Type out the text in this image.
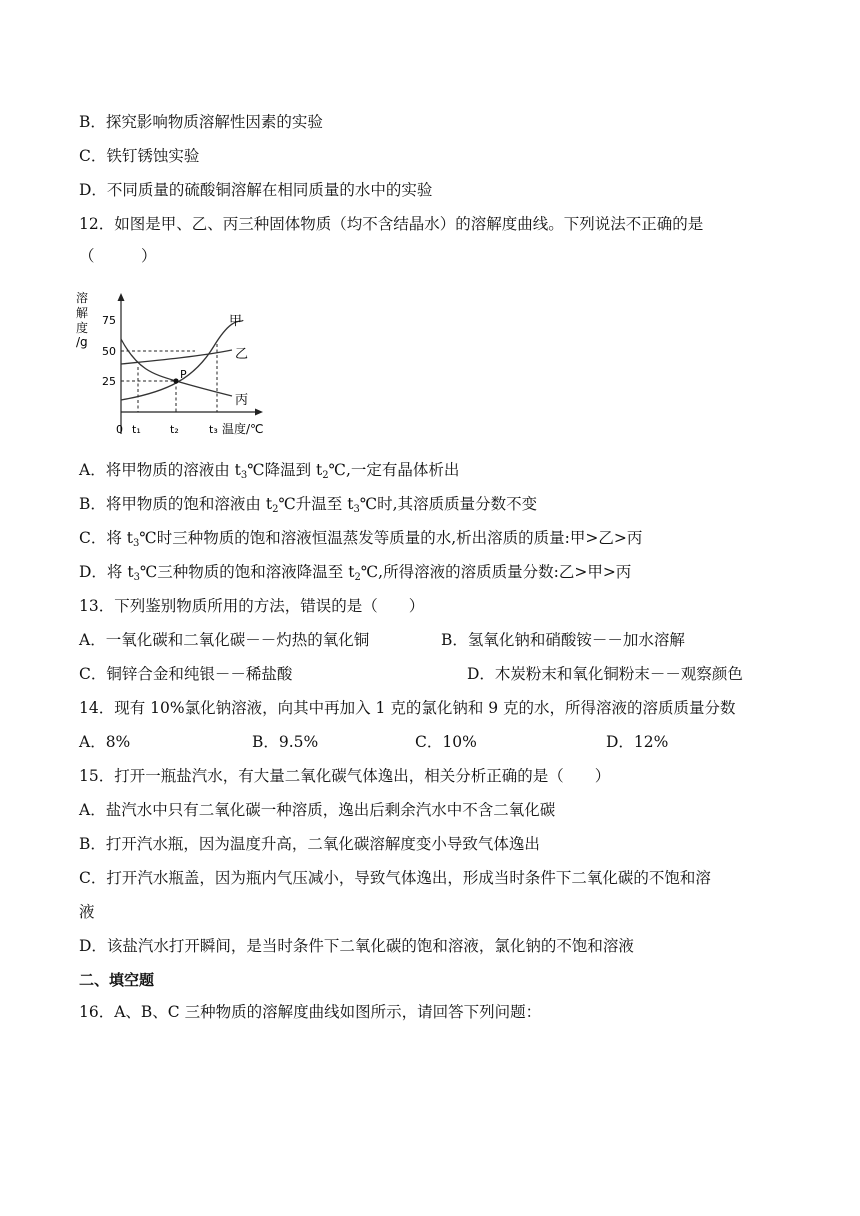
B．探究影响物质溶解性因素的实验
C．铁钉锈蚀实验
D．不同质量的硫酸铜溶解在相同质量的水中的实验
12．如图是甲、乙、丙三种固体物质（均不含结晶水）的溶解度曲线。下列说法不正确的是
（　　　）
溶
解
度
/g
75
50
25
0 t₁	t₂	t₃ 温度/℃
甲
乙
丙
P
A．将甲物质的溶液由 $t_3℃$降温到 $t_2℃$,一定有晶体析出
B．将甲物质的饱和溶液由 $t_2℃$升温至 $t_3℃$时,其溶质质量分数不变
C．将 $t_3℃$时三种物质的饱和溶液恒温蒸发等质量的水,析出溶质的质量:甲>乙>丙
D．将 $t_3℃$三种物质的饱和溶液降温至 $t_2℃$,所得溶液的溶质质量分数:乙>甲>丙
13．下列鉴别物质所用的方法，错误的是（　　）
A．一氧化碳和二氧化碳－－灼热的氧化铜	B．氢氧化钠和硝酸铵－－加水溶解
C．铜锌合金和纯银－－稀盐酸	D．木炭粉末和氧化铜粉末－－观察颜色
14．现有 10%氯化钠溶液，向其中再加入 1 克的氯化钠和 9 克的水，所得溶液的溶质质量分数
A．8%	B．9.5%	C．10%	D．12%
15．打开一瓶盐汽水，有大量二氧化碳气体逸出，相关分析正确的是（　　）
A．盐汽水中只有二氧化碳一种溶质，逸出后剩余汽水中不含二氧化碳
B．打开汽水瓶，因为温度升高，二氧化碳溶解度变小导致气体逸出
C．打开汽水瓶盖，因为瓶内气压减小，导致气体逸出，形成当时条件下二氧化碳的不饱和溶
液
D．该盐汽水打开瞬间，是当时条件下二氧化碳的饱和溶液，氯化钠的不饱和溶液
二、填空题
16．A、B、C 三种物质的溶解度曲线如图所示，请回答下列问题：
